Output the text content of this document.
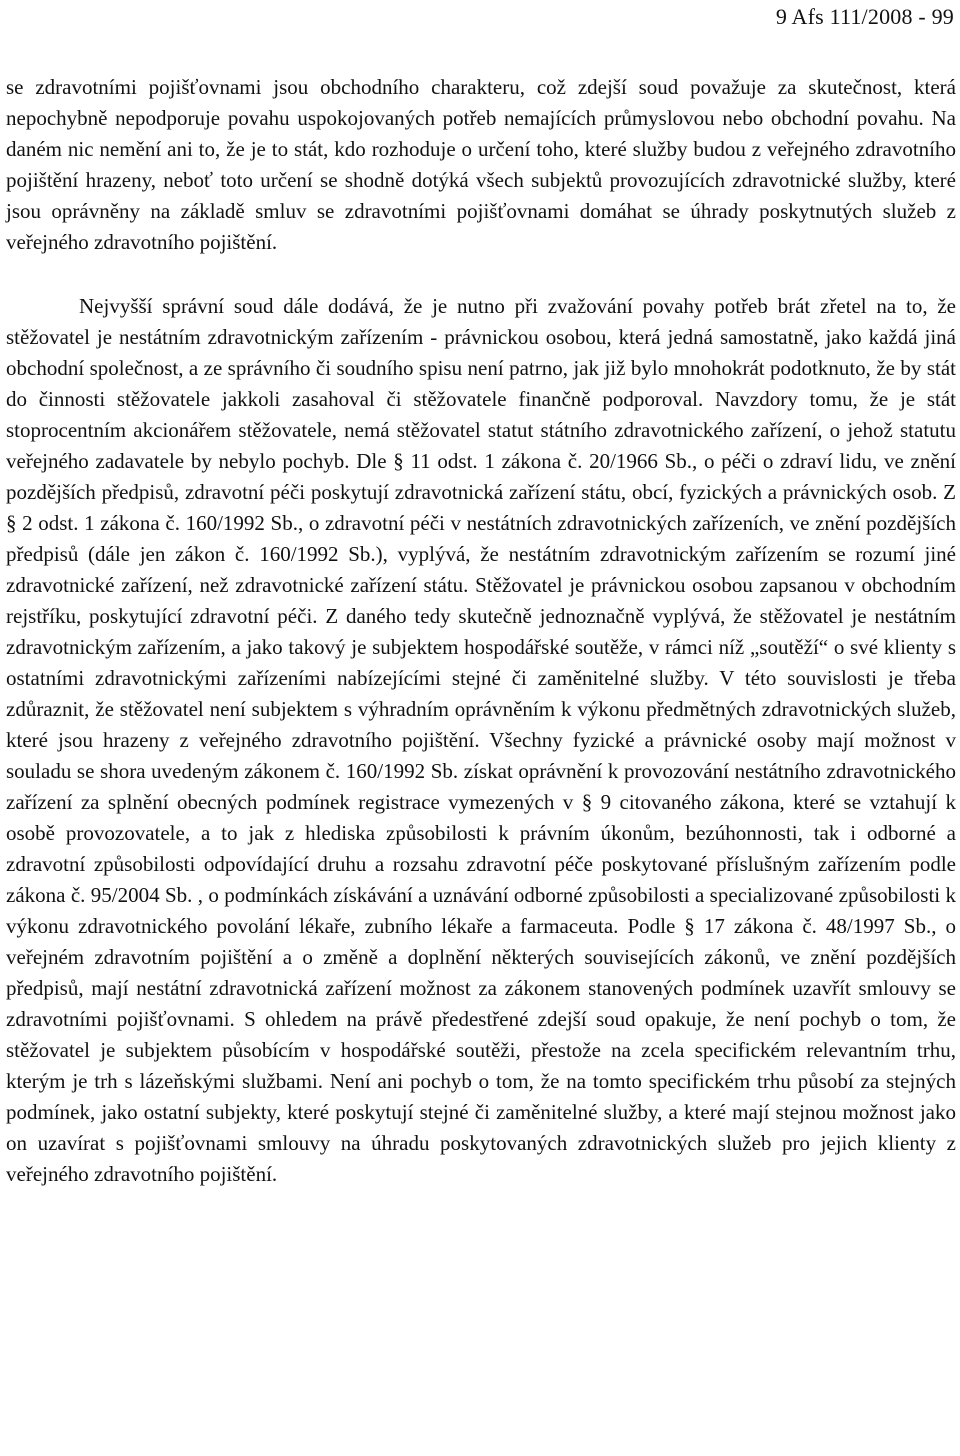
9 Afs 111/2008 - 99

se zdravotními pojišťovnami jsou obchodního charakteru, což zdejší soud považuje za skutečnost, která nepochybně nepodporuje povahu uspokojovaných potřeb nemajících průmyslovou nebo obchodní povahu. Na daném nic nemění ani to, že je to stát, kdo rozhoduje o určení toho, které služby budou z veřejného zdravotního pojištění hrazeny, neboť toto určení se shodně dotýká všech subjektů provozujících zdravotnické služby, které jsou oprávněny na základě smluv se zdravotními pojišťovnami domáhat se úhrady poskytnutých služeb z veřejného zdravotního pojištění.

Nejvyšší správní soud dále dodává, že je nutno při zvažování povahy potřeb brát zřetel na to, že stěžovatel je nestátním zdravotnickým zařízením - právnickou osobou, která jedná samostatně, jako každá jiná obchodní společnost, a ze správního či soudního spisu není patrno, jak již bylo mnohokrát podotknuto, že by stát do činnosti stěžovatele jakkoli zasahoval či stěžovatele finančně podporoval. Navzdory tomu, že je stát stoprocentním akcionářem stěžovatele, nemá stěžovatel statut státního zdravotnického zařízení, o jehož statutu veřejného zadavatele by nebylo pochyb. Dle § 11 odst. 1 zákona č. 20/1966 Sb., o péči o zdraví lidu, ve znění pozdějších předpisů, zdravotní péči poskytují zdravotnická zařízení státu, obcí, fyzických a právnických osob. Z § 2 odst. 1 zákona č. 160/1992 Sb., o zdravotní péči v nestátních zdravotnických zařízeních, ve znění pozdějších předpisů (dále jen zákon č. 160/1992 Sb.), vyplývá, že nestátním zdravotnickým zařízením se rozumí jiné zdravotnické zařízení, než zdravotnické zařízení státu. Stěžovatel je právnickou osobou zapsanou v obchodním rejstříku, poskytující zdravotní péči. Z daného tedy skutečně jednoznačně vyplývá, že stěžovatel je nestátním zdravotnickým zařízením, a jako takový je subjektem hospodářské soutěže, v rámci níž „soutěží“ o své klienty s ostatními zdravotnickými zařízeními nabízejícími stejné či zaměnitelné služby. V této souvislosti je třeba zdůraznit, že stěžovatel není subjektem s výhradním oprávněním k výkonu předmětných zdravotnických služeb, které jsou hrazeny z veřejného zdravotního pojištění. Všechny fyzické a právnické osoby mají možnost v souladu se shora uvedeným zákonem č. 160/1992 Sb. získat oprávnění k provozování nestátního zdravotnického zařízení za splnění obecných podmínek registrace vymezených v § 9 citovaného zákona, které se vztahují k osobě provozovatele, a to jak z hlediska způsobilosti k právním úkonům, bezúhonnosti, tak i odborné a zdravotní způsobilosti odpovídající druhu a rozsahu zdravotní péče poskytované příslušným zařízením podle zákona č. 95/2004 Sb. , o podmínkách získávání a uznávání odborné způsobilosti a specializované způsobilosti k výkonu zdravotnického povolání lékaře, zubního lékaře a farmaceuta. Podle § 17 zákona č. 48/1997 Sb., o veřejném zdravotním pojištění a o změně a doplnění některých souvisejících zákonů, ve znění pozdějších předpisů, mají nestátní zdravotnická zařízení možnost za zákonem stanovených podmínek uzavřít smlouvy se zdravotními pojišťovnami. S ohledem na právě předestřené zdejší soud opakuje, že není pochyb o tom, že stěžovatel je subjektem působícím v hospodářské soutěži, přestože na zcela specifickém relevantním trhu, kterým je trh s lázeňskými službami. Není ani pochyb o tom, že na tomto specifickém trhu působí za stejných podmínek, jako ostatní subjekty, které poskytují stejné či zaměnitelné služby, a které mají stejnou možnost jako on uzavírat s pojišťovnami smlouvy na úhradu poskytovaných zdravotnických služeb pro jejich klienty z veřejného zdravotního pojištění.
